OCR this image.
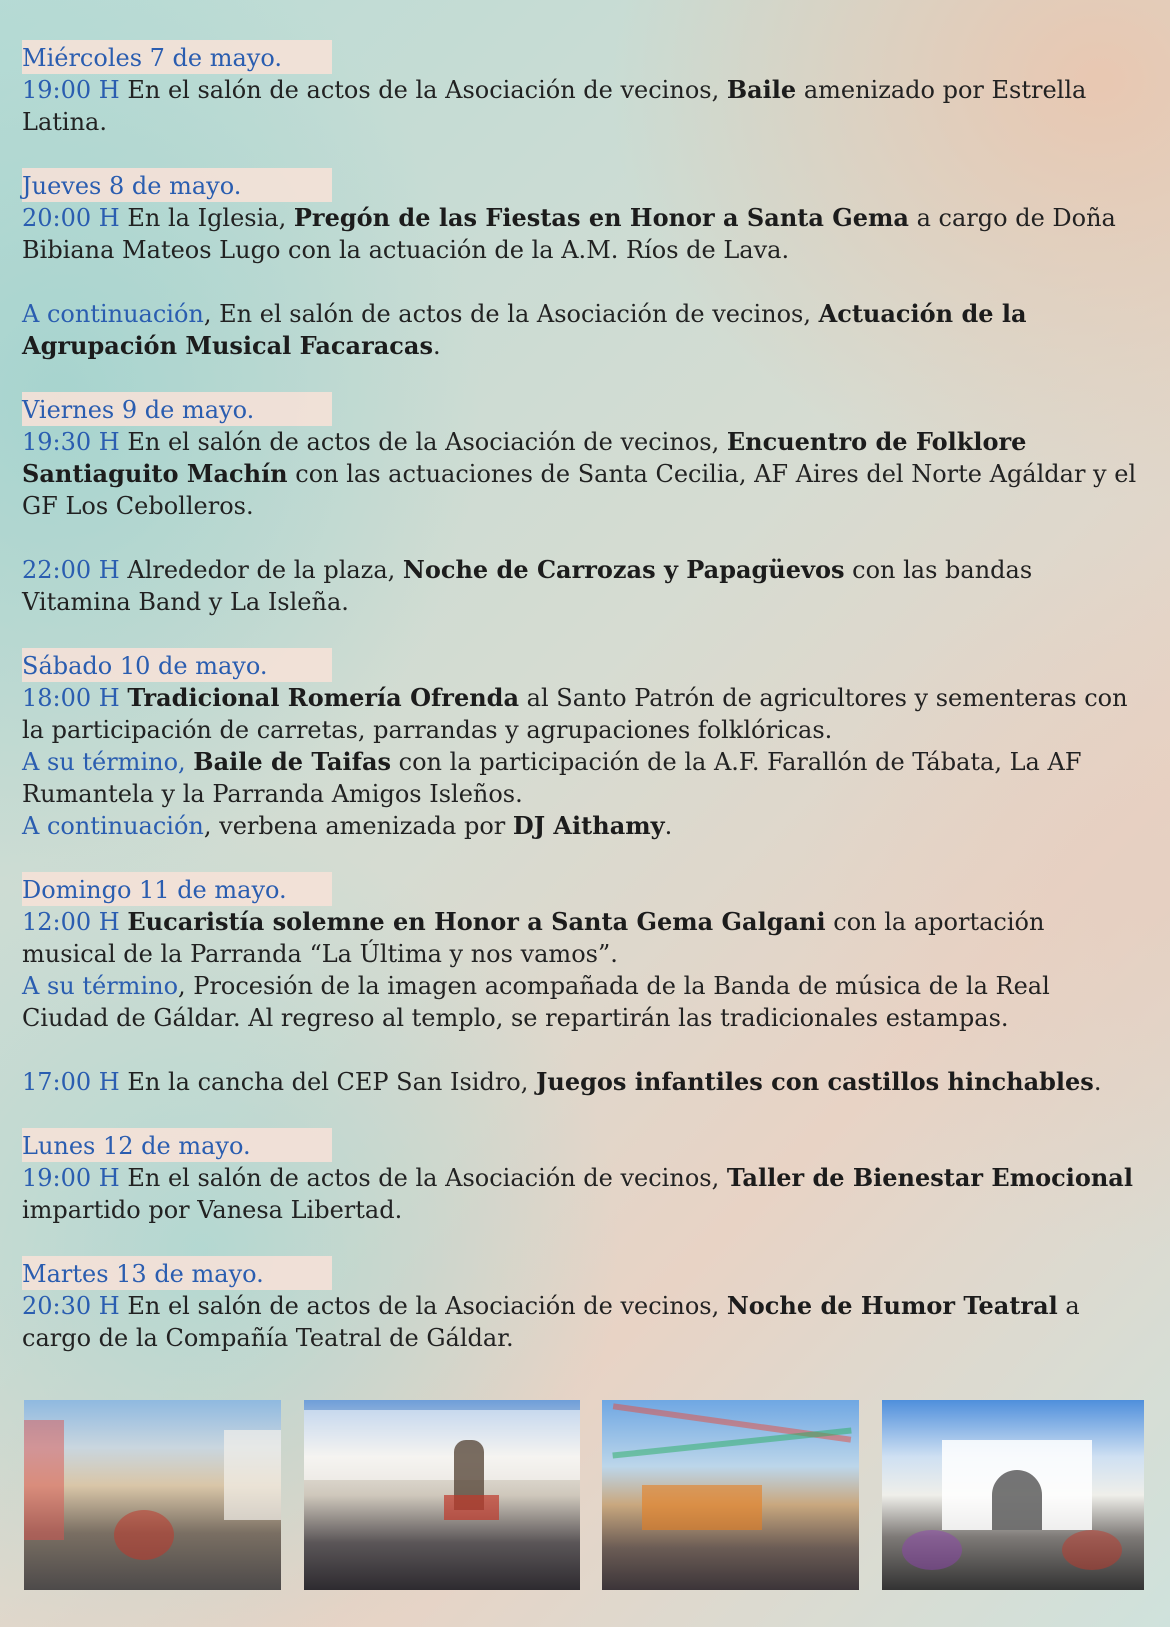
Miércoles 7 de mayo.

19:00 H En el salón de actos de la Asociación de vecinos, Baile amenizado por Estrella Latina.

Jueves 8 de mayo.

20:00 H En la Iglesia, Pregón de las Fiestas en Honor a Santa Gema a cargo de Doña Bibiana Mateos Lugo con la actuación de la A.M. Ríos de Lava.

A continuación, En el salón de actos de la Asociación de vecinos, Actuación de la Agrupación Musical Facaracas.

Viernes 9 de mayo.

19:30 H En el salón de actos de la Asociación de vecinos, Encuentro de Folklore Santiaguito Machín con las actuaciones de Santa Cecilia, AF Aires del Norte Agáldar y el GF Los Cebolleros.

22:00 H Alrededor de la plaza, Noche de Carrozas y Papagüevos con las bandas Vitamina Band y La Isleña.

Sábado 10 de mayo.

18:00 H Tradicional Romería Ofrenda al Santo Patrón de agricultores y sementeras con la participación de carretas, parrandas y agrupaciones folklóricas.

A su término, Baile de Taifas con la participación de la A.F. Farallón de Tábata, La AF Rumantela y la Parranda Amigos Isleños.

A continuación, verbena amenizada por DJ Aithamy.

Domingo 11 de mayo.

12:00 H Eucaristía solemne en Honor a Santa Gema Galgani con la aportación musical de la Parranda “La Última y nos vamos”.

A su término, Procesión de la imagen acompañada de la Banda de música de la Real Ciudad de Gáldar. Al regreso al templo, se repartirán las tradicionales estampas.

17:00 H En la cancha del CEP San Isidro, Juegos infantiles con castillos hinchables.

Lunes 12 de mayo.

19:00 H En el salón de actos de la Asociación de vecinos, Taller de Bienestar Emocional impartido por Vanesa Libertad.

Martes 13 de mayo.

20:30 H En el salón de actos de la Asociación de vecinos, Noche de Humor Teatral a cargo de la Compañía Teatral de Gáldar.
